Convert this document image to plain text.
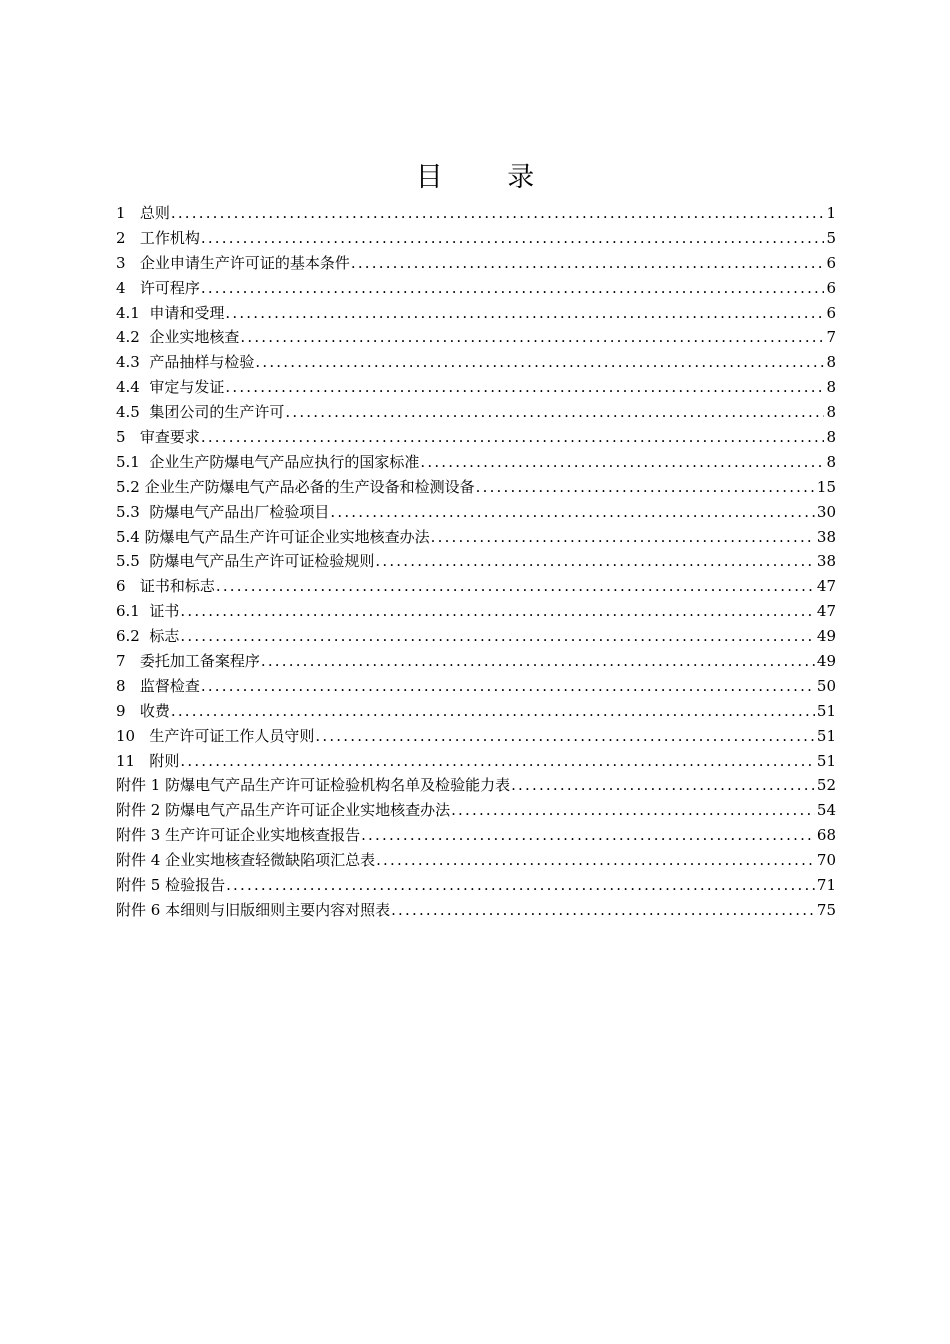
目 录
1   总则 .....	1
2   工作机构 .....	5
3   企业申请生产许可证的基本条件 .....	6
4   许可程序 .....	6
4.1  申请和受理 .....	6
4.2  企业实地核查 .....	7
4.3  产品抽样与检验 .....	8
4.4  审定与发证 .....	8
4.5  集团公司的生产许可 .....	8
5   审查要求 .....	8
5.1  企业生产防爆电气产品应执行的国家标准 .....	8
5.2 企业生产防爆电气产品必备的生产设备和检测设备 .....	15
5.3  防爆电气产品出厂检验项目 .....	30
5.4 防爆电气产品生产许可证企业实地核查办法 .....	38
5.5  防爆电气产品生产许可证检验规则 .....	38
6   证书和标志 .....	47
6.1  证书 .....	47
6.2  标志 .....	49
7   委托加工备案程序 .....	49
8   监督检查 .....	50
9   收费 .....	51
10   生产许可证工作人员守则 .....	51
11   附则 .....	51
附件 1 防爆电气产品生产许可证检验机构名单及检验能力表 .....	52
附件 2 防爆电气产品生产许可证企业实地核查办法 .....	54
附件 3 生产许可证企业实地核查报告 .....	68
附件 4 企业实地核查轻微缺陷项汇总表 .....	70
附件 5 检验报告 .....	71
附件 6 本细则与旧版细则主要内容对照表 .....	75
